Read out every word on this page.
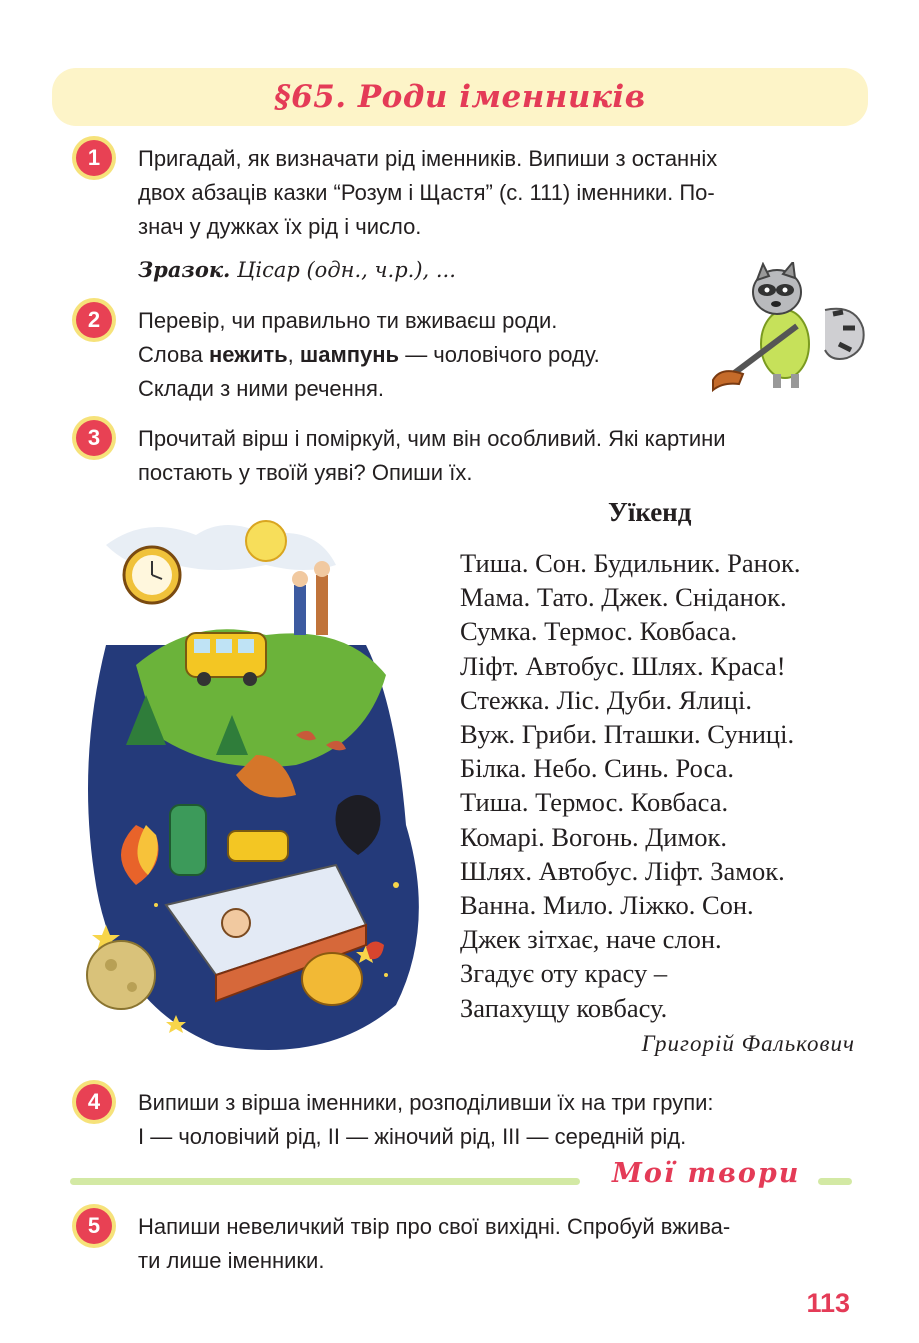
§65. Роди іменників
1	Пригадай, як визначати рід іменників. Випиши з останніх
двох абзаців казки “Розум і Щастя” (с. 111) іменники. По-
знач у дужках їх рід і число.
Зразок. Цісар (одн., ч.р.), ...
2	Перевір, чи правильно ти вживаєш роди.
Слова нежить, шампунь — чоловічого роду.
Склади з ними речення.
3	Прочитай вірш і поміркуй, чим він особливий. Які картини
постають у твоїй уяві? Опиши їх.
Уїкенд
Тиша. Сон. Будильник. Ранок.
Мама. Тато. Джек. Сніданок.
Сумка. Термос. Ковбаса.
Ліфт. Автобус. Шлях. Краса!
Стежка. Ліс. Дуби. Ялиці.
Вуж. Гриби. Пташки. Суниці.
Білка. Небо. Синь. Роса.
Тиша. Термос. Ковбаса.
Комарі. Вогонь. Димок.
Шлях. Автобус. Ліфт. Замок.
Ванна. Мило. Ліжко. Сон.
Джек зітхає, наче слон.
Згадує оту красу –
Запахущу ковбасу.
Григорій Фалькович
4	Випиши з вірша іменники, розподіливши їх на три групи:
І — чоловічий рід, ІІ — жіночий рід, ІІІ — середній рід.
Мої твори
5	Напиши невеличкий твір про свої вихідні. Спробуй вжива-
ти лише іменники.
113
